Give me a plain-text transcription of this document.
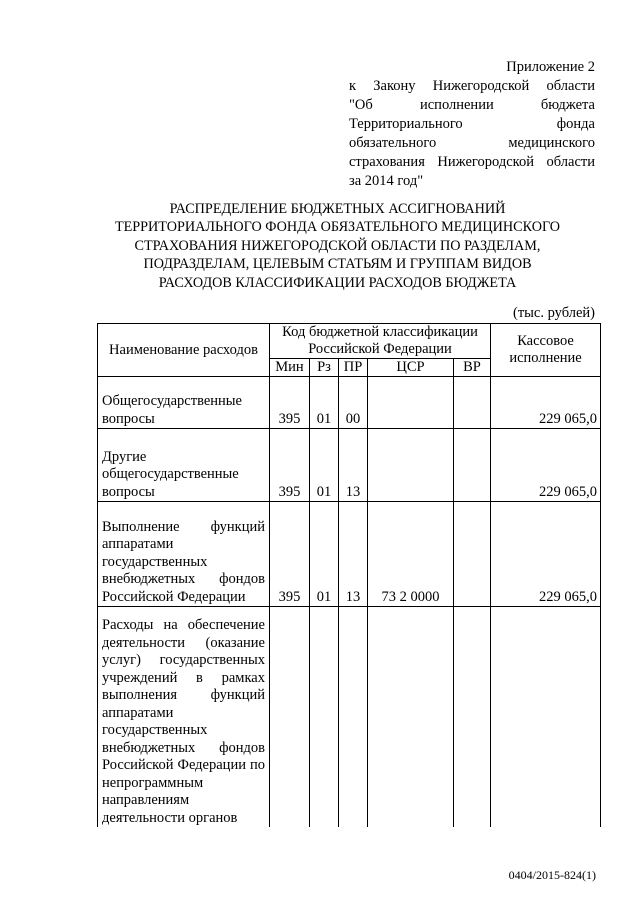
Приложение 2
к Закону Нижегородской области
"Об исполнении бюджета
Территориального фонда
обязательного медицинского
страхования Нижегородской области
за 2014 год"
РАСПРЕДЕЛЕНИЕ БЮДЖЕТНЫХ АССИГНОВАНИЙ
ТЕРРИТОРИАЛЬНОГО ФОНДА ОБЯЗАТЕЛЬНОГО МЕДИЦИНСКОГО
СТРАХОВАНИЯ НИЖЕГОРОДСКОЙ ОБЛАСТИ ПО РАЗДЕЛАМ,
ПОДРАЗДЕЛАМ, ЦЕЛЕВЫМ СТАТЬЯМ И ГРУППАМ ВИДОВ
РАСХОДОВ КЛАССИФИКАЦИИ РАСХОДОВ БЮДЖЕТА
(тыс. рублей)
Наименование расходов	Код бюджетной классификации Российской Федерации					Кассовое исполнение
	Мин	Рз	ПР	ЦСР	ВР	
Общегосударственные вопросы	395	01	00			229 065,0
Другие общегосударственные вопросы	395	01	13			229 065,0
Выполнение функций аппаратами государственных внебюджетных фондов Российской Федерации	395	01	13	73 2 0000		229 065,0
Расходы на обеспечение деятельности (оказание услуг) государственных учреждений в рамках выполнения функций аппаратами государственных внебюджетных фондов Российской Федерации по непрограммным направлениям деятельности органов						
0404/2015-824(1)
